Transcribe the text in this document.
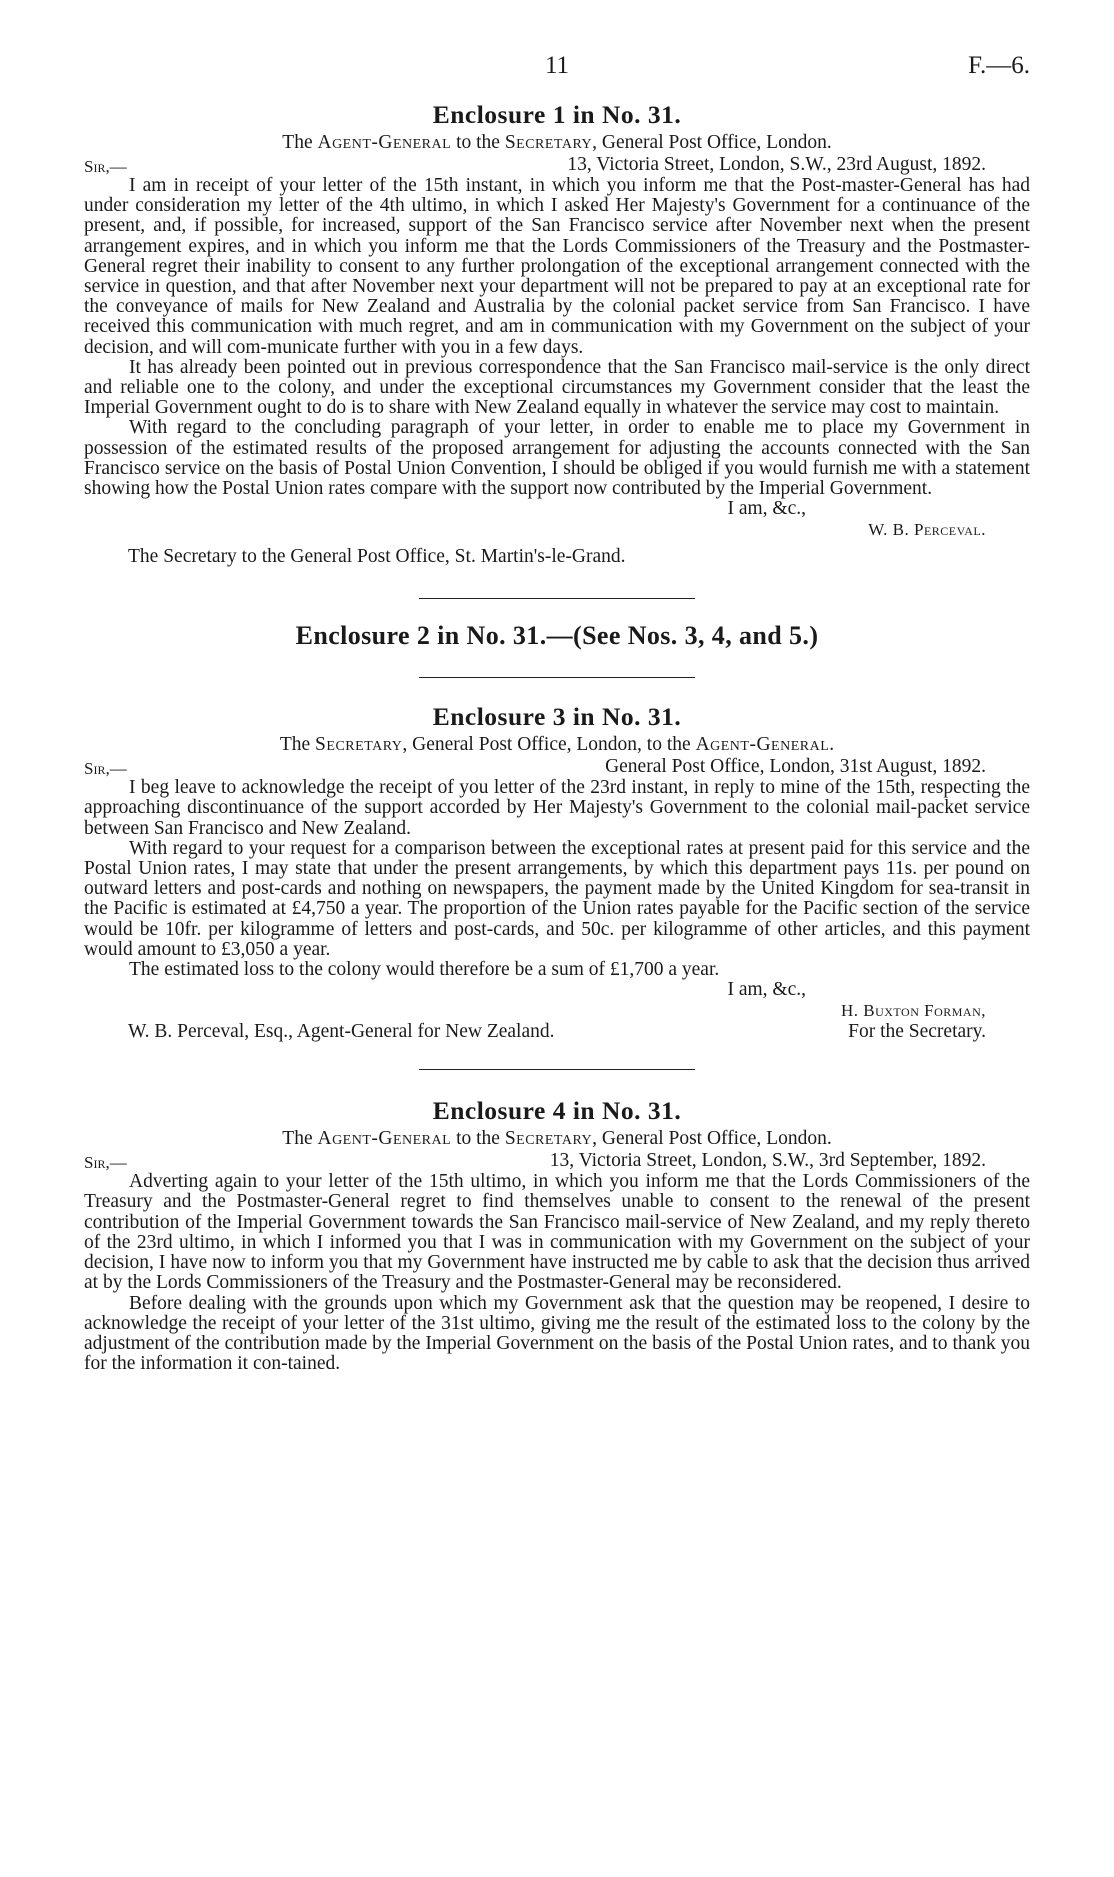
11	F.—6.
Enclosure 1 in No. 31.
The Agent-General to the Secretary, General Post Office, London.
Sir,—	13, Victoria Street, London, S.W., 23rd August, 1892.

I am in receipt of your letter of the 15th instant, in which you inform me that the Post-master-General has had under consideration my letter of the 4th ultimo, in which I asked Her Majesty's Government for a continuance of the present, and, if possible, for increased, support of the San Francisco service after November next when the present arrangement expires, and in which you inform me that the Lords Commissioners of the Treasury and the Postmaster-General regret their inability to consent to any further prolongation of the exceptional arrangement connected with the service in question, and that after November next your department will not be prepared to pay at an exceptional rate for the conveyance of mails for New Zealand and Australia by the colonial packet service from San Francisco. I have received this communication with much regret, and am in communication with my Government on the subject of your decision, and will com-municate further with you in a few days.

It has already been pointed out in previous correspondence that the San Francisco mail-service is the only direct and reliable one to the colony, and under the exceptional circumstances my Government consider that the least the Imperial Government ought to do is to share with New Zealand equally in whatever the service may cost to maintain.

With regard to the concluding paragraph of your letter, in order to enable me to place my Government in possession of the estimated results of the proposed arrangement for adjusting the accounts connected with the San Francisco service on the basis of Postal Union Convention, I should be obliged if you would furnish me with a statement showing how the Postal Union rates compare with the support now contributed by the Imperial Government.

I am, &c.,
W. B. Perceval.
The Secretary to the General Post Office, St. Martin's-le-Grand.
Enclosure 2 in No. 31.—(See Nos. 3, 4, and 5.)
Enclosure 3 in No. 31.
The Secretary, General Post Office, London, to the Agent-General.
Sir,—	General Post Office, London, 31st August, 1892.

I beg leave to acknowledge the receipt of you letter of the 23rd instant, in reply to mine of the 15th, respecting the approaching discontinuance of the support accorded by Her Majesty's Government to the colonial mail-packet service between San Francisco and New Zealand.

With regard to your request for a comparison between the exceptional rates at present paid for this service and the Postal Union rates, I may state that under the present arrangements, by which this department pays 11s. per pound on outward letters and post-cards and nothing on newspapers, the payment made by the United Kingdom for sea-transit in the Pacific is estimated at £4,750 a year. The proportion of the Union rates payable for the Pacific section of the service would be 10fr. per kilogramme of letters and post-cards, and 50c. per kilogramme of other articles, and this payment would amount to £3,050 a year.

The estimated loss to the colony would therefore be a sum of £1,700 a year.

I am, &c.,
H. Buxton Forman,
W. B. Perceval, Esq., Agent-General for New Zealand.	For the Secretary.
Enclosure 4 in No. 31.
The Agent-General to the Secretary, General Post Office, London.
Sir,—	13, Victoria Street, London, S.W., 3rd September, 1892.

Adverting again to your letter of the 15th ultimo, in which you inform me that the Lords Commissioners of the Treasury and the Postmaster-General regret to find themselves unable to consent to the renewal of the present contribution of the Imperial Government towards the San Francisco mail-service of New Zealand, and my reply thereto of the 23rd ultimo, in which I informed you that I was in communication with my Government on the subject of your decision, I have now to inform you that my Government have instructed me by cable to ask that the decision thus arrived at by the Lords Commissioners of the Treasury and the Postmaster-General may be reconsidered.

Before dealing with the grounds upon which my Government ask that the question may be reopened, I desire to acknowledge the receipt of your letter of the 31st ultimo, giving me the result of the estimated loss to the colony by the adjustment of the contribution made by the Imperial Government on the basis of the Postal Union rates, and to thank you for the information it con-tained.
